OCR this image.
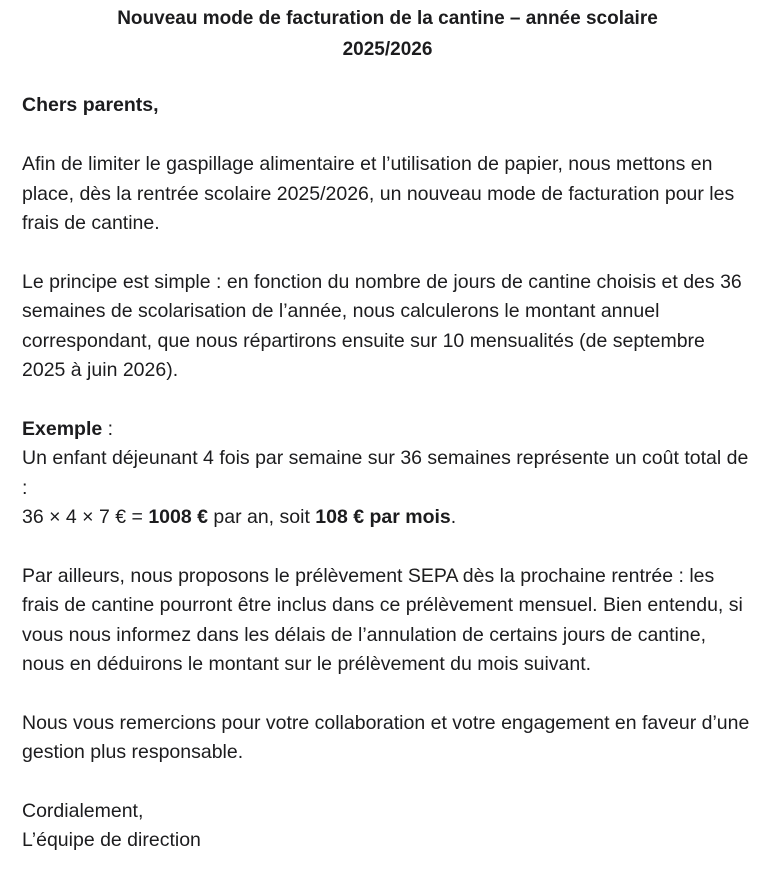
Nouveau mode de facturation de la cantine – année scolaire
2025/2026

Chers parents,

Afin de limiter le gaspillage alimentaire et l’utilisation de papier, nous mettons en place, dès la rentrée scolaire 2025/2026, un nouveau mode de facturation pour les frais de cantine.

Le principe est simple : en fonction du nombre de jours de cantine choisis et des 36 semaines de scolarisation de l’année, nous calculerons le montant annuel correspondant, que nous répartirons ensuite sur 10 mensualités (de septembre 2025 à juin 2026).

Exemple :

Un enfant déjeunant 4 fois par semaine sur 36 semaines représente un coût total de :

36 × 4 × 7 € = 1008 € par an, soit 108 € par mois.

Par ailleurs, nous proposons le prélèvement SEPA dès la prochaine rentrée : les frais de cantine pourront être inclus dans ce prélèvement mensuel. Bien entendu, si vous nous informez dans les délais de l’annulation de certains jours de cantine, nous en déduirons le montant sur le prélèvement du mois suivant.

Nous vous remercions pour votre collaboration et votre engagement en faveur d’une gestion plus responsable.

Cordialement,

L’équipe de direction
